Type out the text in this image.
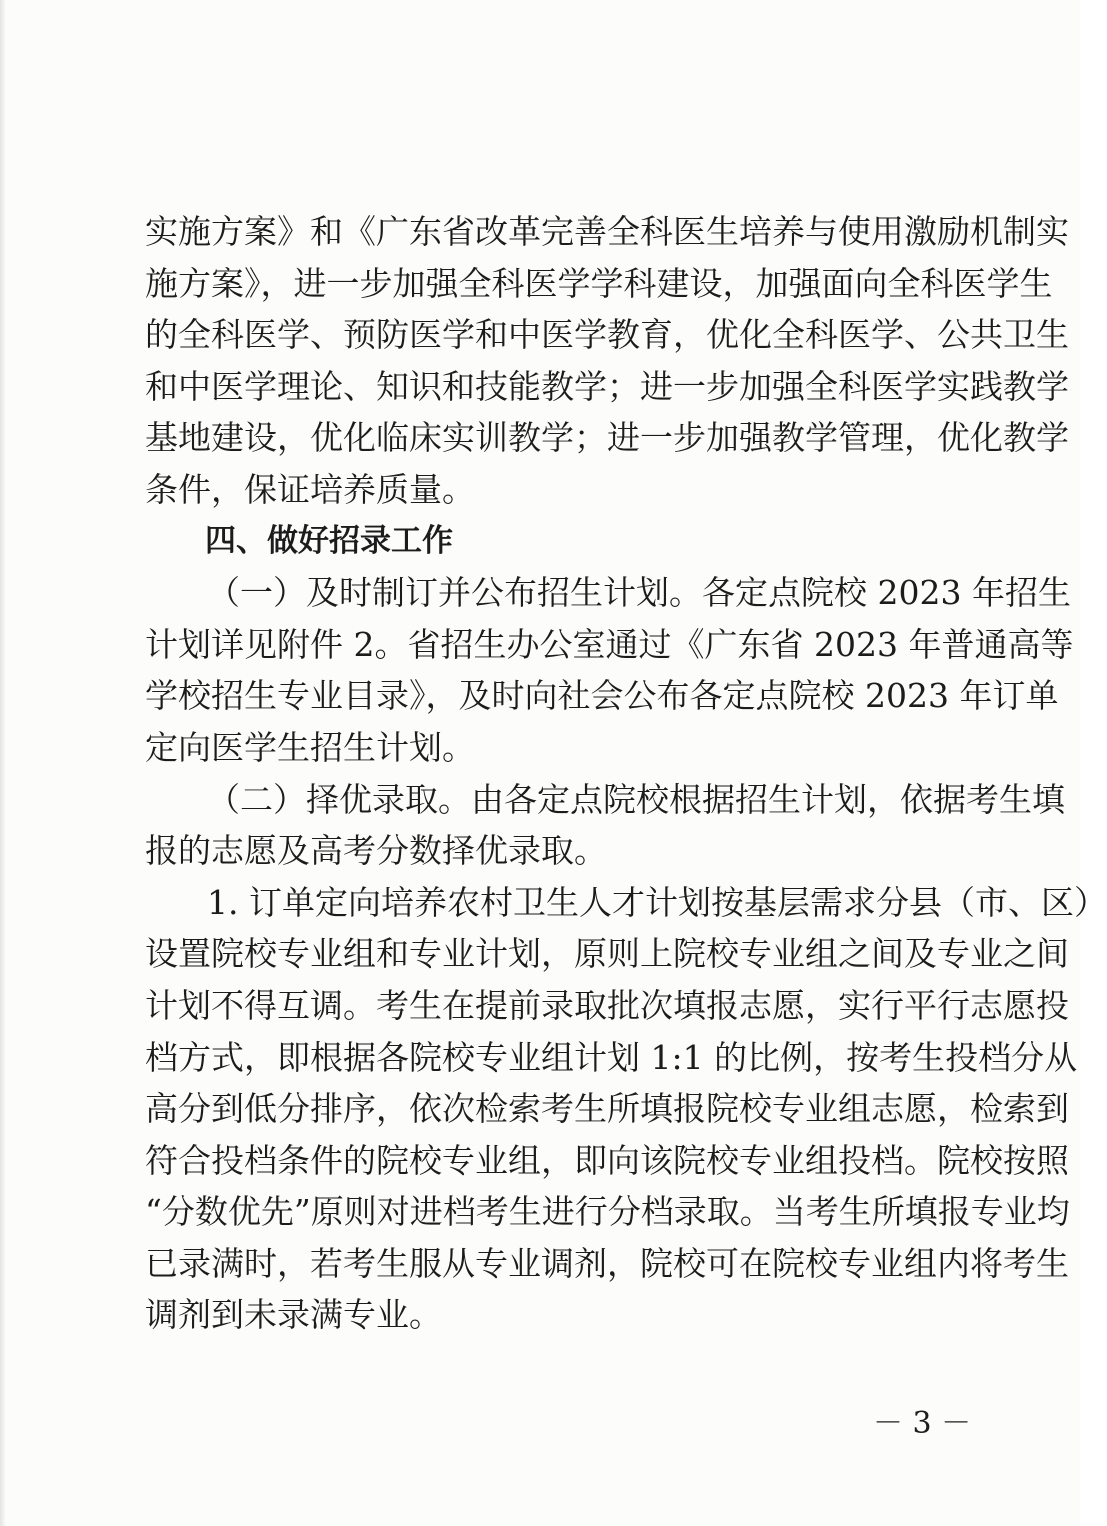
实施方案》和《广东省改革完善全科医生培养与使用激励机制实
施方案》，进一步加强全科医学学科建设，加强面向全科医学生
的全科医学、预防医学和中医学教育，优化全科医学、公共卫生
和中医学理论、知识和技能教学；进一步加强全科医学实践教学
基地建设，优化临床实训教学；进一步加强教学管理，优化教学
条件，保证培养质量。
四、做好招录工作
（一）及时制订并公布招生计划。各定点院校 2023 年招生
计划详见附件 2。省招生办公室通过《广东省 2023 年普通高等
学校招生专业目录》，及时向社会公布各定点院校 2023 年订单
定向医学生招生计划。
（二）择优录取。由各定点院校根据招生计划，依据考生填
报的志愿及高考分数择优录取。
1. 订单定向培养农村卫生人才计划按基层需求分县（市、区）
设置院校专业组和专业计划，原则上院校专业组之间及专业之间
计划不得互调。考生在提前录取批次填报志愿，实行平行志愿投
档方式，即根据各院校专业组计划 1:1 的比例，按考生投档分从
高分到低分排序，依次检索考生所填报院校专业组志愿，检索到
符合投档条件的院校专业组，即向该院校专业组投档。院校按照
“分数优先”原则对进档考生进行分档录取。当考生所填报专业均
已录满时，若考生服从专业调剂，院校可在院校专业组内将考生
调剂到未录满专业。
－ 3 －
